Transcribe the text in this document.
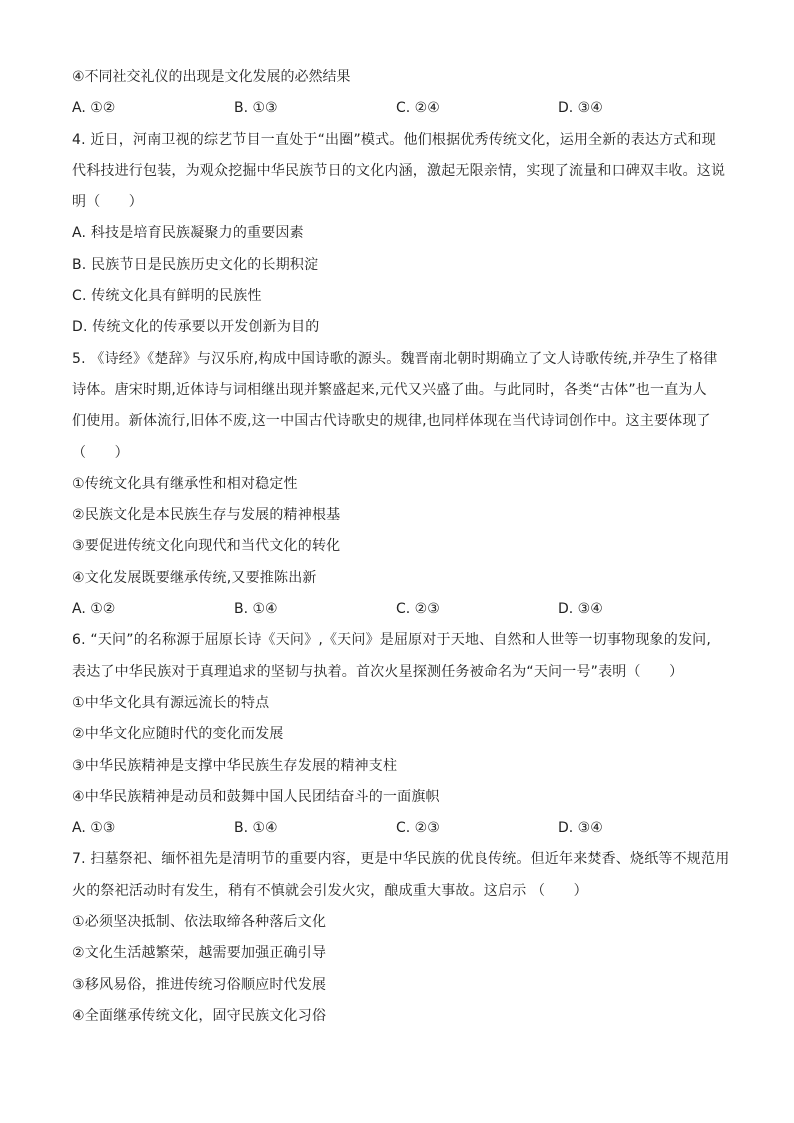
④不同社交礼仪的出现是文化发展的必然结果
A. ①②	B. ①③	C. ②④	D. ③④
4. 近日，河南卫视的综艺节目一直处于“出圈”模式。他们根据优秀传统文化，运用全新的表达方式和现
代科技进行包装，为观众挖掘中华民族节日的文化内涵，激起无限亲情，实现了流量和口碑双丰收。这说
明（　　）
A. 科技是培育民族凝聚力的重要因素
B. 民族节日是民族历史文化的长期积淀
C. 传统文化具有鲜明的民族性
D. 传统文化的传承要以开发创新为目的
5. 《诗经》《楚辞》与汉乐府,构成中国诗歌的源头。魏晋南北朝时期确立了文人诗歌传统,并孕生了格律
诗体。唐宋时期,近体诗与词相继出现并繁盛起来,元代又兴盛了曲。与此同时，各类“古体”也一直为人
们使用。新体流行,旧体不废,这一中国古代诗歌史的规律,也同样体现在当代诗词创作中。这主要体现了
（　　）
①传统文化具有继承性和相对稳定性
②民族文化是本民族生存与发展的精神根基
③要促进传统文化向现代和当代文化的转化
④文化发展既要继承传统,又要推陈出新
A. ①②	B. ①④	C. ②③	D. ③④
6. “天问”的名称源于屈原长诗《天问》,《天问》是屈原对于天地、自然和人世等一切事物现象的发问,
表达了中华民族对于真理追求的坚韧与执着。首次火星探测任务被命名为“天问一号”表明（　　）
①中华文化具有源远流长的特点
②中华文化应随时代的变化而发展
③中华民族精神是支撑中华民族生存发展的精神支柱
④中华民族精神是动员和鼓舞中国人民团结奋斗的一面旗帜
A. ①③	B. ①④	C. ②③	D. ③④
7. 扫墓祭祀、缅怀祖先是清明节的重要内容，更是中华民族的优良传统。但近年来焚香、烧纸等不规范用
火的祭祀活动时有发生，稍有不慎就会引发火灾，酿成重大事故。这启示 （　　）
①必须坚决抵制、依法取缔各种落后文化
②文化生活越繁荣，越需要加强正确引导
③移风易俗，推进传统习俗顺应时代发展
④全面继承传统文化，固守民族文化习俗
